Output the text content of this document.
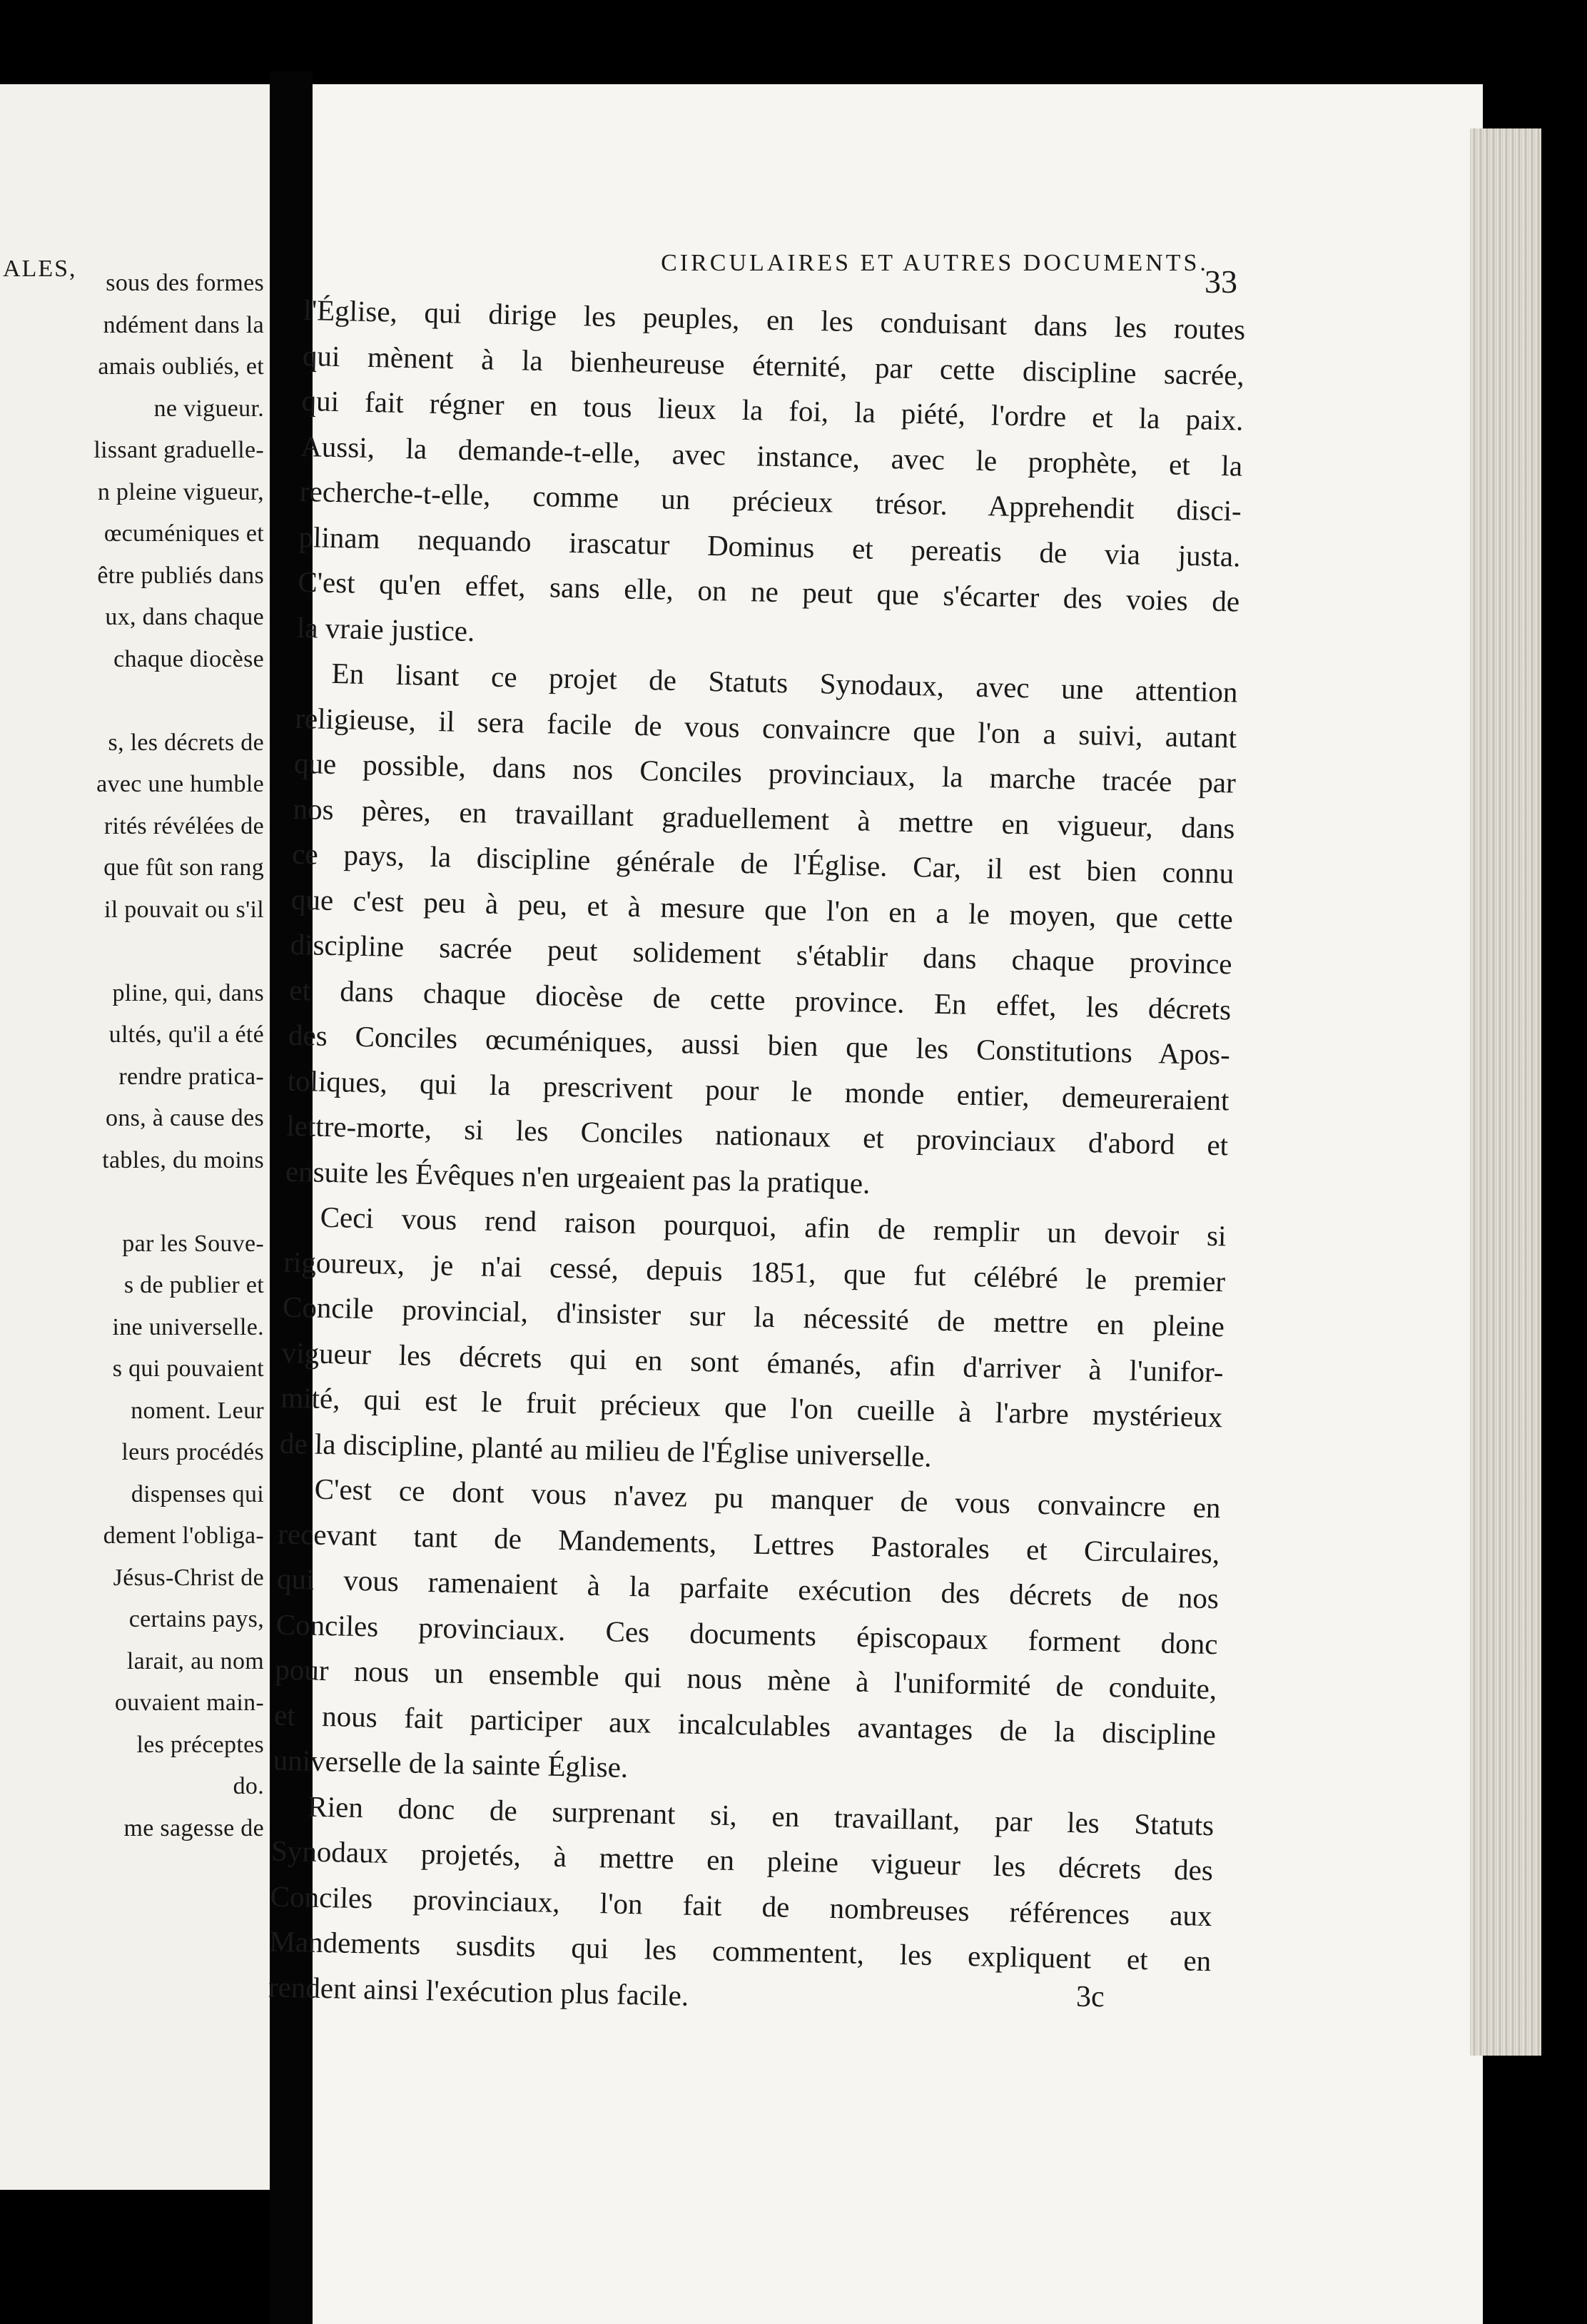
ALES,
sous des formes
ndément dans la
amais oubliés, et
ne vigueur.
lissant graduelle-
n pleine vigueur,
œcuméniques et
être publiés dans
ux, dans chaque
chaque diocèse
s, les décrets de
avec une humble
rités révélées de
que fût son rang
il pouvait ou s'il
pline, qui, dans
ultés, qu'il a été
rendre pratica-
ons, à cause des
tables, du moins
par les Souve-
s de publier et
ine universelle.
s qui pouvaient
noment. Leur
leurs procédés
dispenses qui
dement l'obliga-
Jésus-Christ de
certains pays,
larait, au nom
ouvaient main-
les préceptes
do.
me sagesse de
CIRCULAIRES ET AUTRES DOCUMENTS.
33
l'Église, qui dirige les peuples, en les conduisant dans les routes
qui mènent à la bienheureuse éternité, par cette discipline sacrée,
qui fait régner en tous lieux la foi, la piété, l'ordre et la paix.
Aussi, la demande-t-elle, avec instance, avec le prophète, et la
recherche-t-elle, comme un précieux trésor. Apprehendit disci-
plinam nequando irascatur Dominus et pereatis de via justa.
C'est qu'en effet, sans elle, on ne peut que s'écarter des voies de
la vraie justice.
En lisant ce projet de Statuts Synodaux, avec une attention
religieuse, il sera facile de vous convaincre que l'on a suivi, autant
que possible, dans nos Conciles provinciaux, la marche tracée par
nos pères, en travaillant graduellement à mettre en vigueur, dans
ce pays, la discipline générale de l'Église. Car, il est bien connu
que c'est peu à peu, et à mesure que l'on en a le moyen, que cette
discipline sacrée peut solidement s'établir dans chaque province
et dans chaque diocèse de cette province. En effet, les décrets
des Conciles œcuméniques, aussi bien que les Constitutions Apos-
toliques, qui la prescrivent pour le monde entier, demeureraient
lettre-morte, si les Conciles nationaux et provinciaux d'abord et
ensuite les Évêques n'en urgeaient pas la pratique.
Ceci vous rend raison pourquoi, afin de remplir un devoir si
rigoureux, je n'ai cessé, depuis 1851, que fut célébré le premier
Concile provincial, d'insister sur la nécessité de mettre en pleine
vigueur les décrets qui en sont émanés, afin d'arriver à l'unifor-
mité, qui est le fruit précieux que l'on cueille à l'arbre mystérieux
de la discipline, planté au milieu de l'Église universelle.
C'est ce dont vous n'avez pu manquer de vous convaincre en
recevant tant de Mandements, Lettres Pastorales et Circulaires,
qui vous ramenaient à la parfaite exécution des décrets de nos
Conciles provinciaux. Ces documents épiscopaux forment donc
pour nous un ensemble qui nous mène à l'uniformité de conduite,
et nous fait participer aux incalculables avantages de la discipline
universelle de la sainte Église.
Rien donc de surprenant si, en travaillant, par les Statuts
Synodaux projetés, à mettre en pleine vigueur les décrets des
Conciles provinciaux, l'on fait de nombreuses références aux
Mandements susdits qui les commentent, les expliquent et en
rendent ainsi l'exécution plus facile.	3c
